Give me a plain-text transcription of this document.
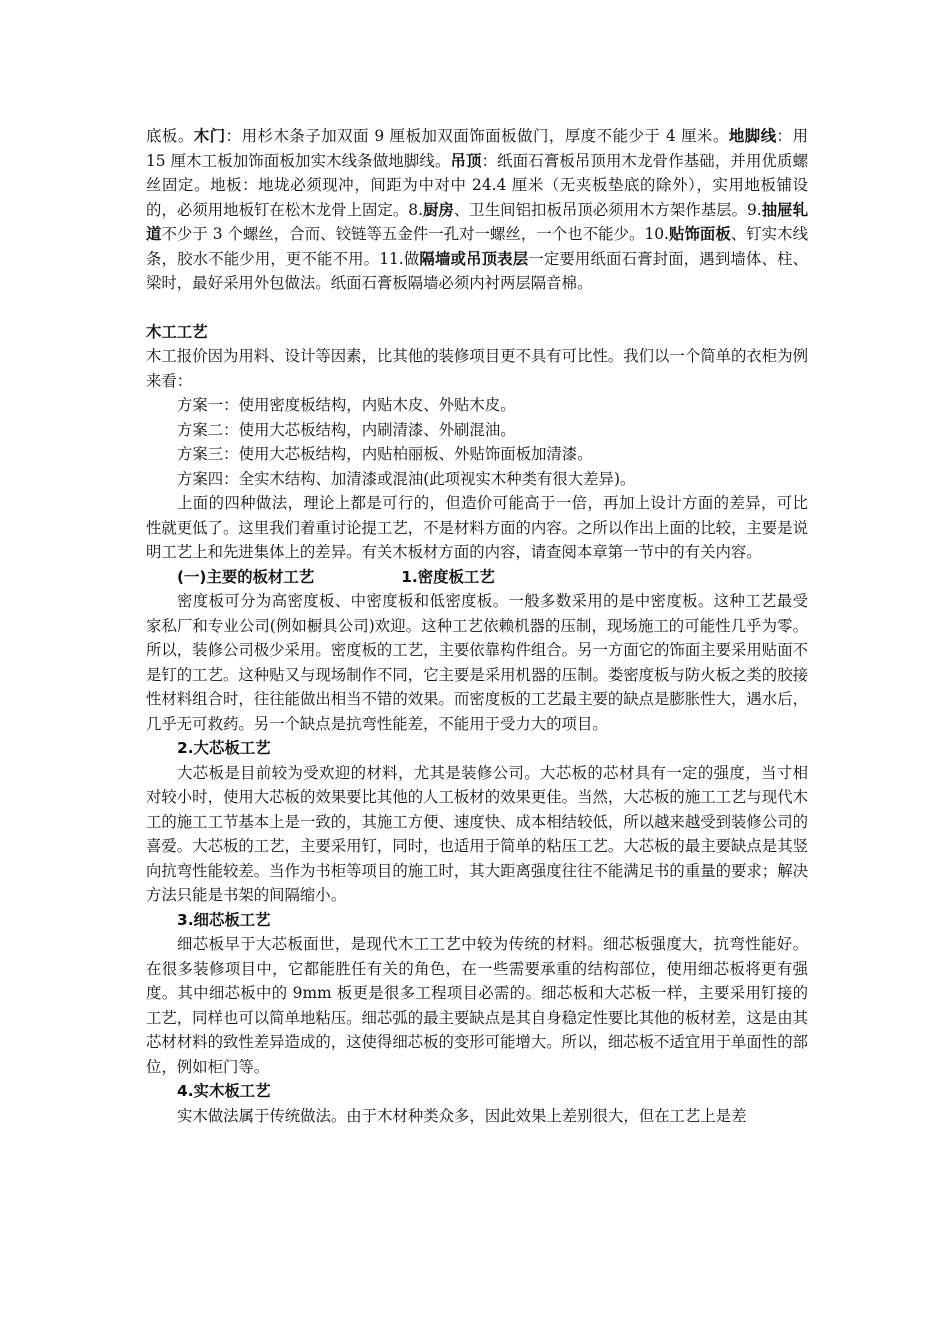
底板。木门：用杉木条子加双面 9 厘板加双面饰面板做门，厚度不能少于 4 厘米。地脚线：用 15 厘木工板加饰面板加实木线条做地脚线。吊顶：纸面石膏板吊顶用木龙骨作基础，并用优质螺丝固定。地板：地垅必须现冲，间距为中对中 24.4 厘米（无夹板垫底的除外），实用地板铺设的，必须用地板钉在松木龙骨上固定。8.厨房、卫生间铝扣板吊顶必须用木方架作基层。9.抽屉轧道不少于 3 个螺丝，合而、铰链等五金件一孔对一螺丝，一个也不能少。10.贴饰面板、钉实木线条，胶水不能少用，更不能不用。11.做隔墙或吊顶表层一定要用纸面石膏封面，遇到墙体、柱、梁时，最好采用外包做法。纸面石膏板隔墙必须内衬两层隔音棉。

木工工艺

木工报价因为用料、设计等因素，比其他的装修项目更不具有可比性。我们以一个简单的衣柜为例来看：

方案一：使用密度板结构，内贴木皮、外贴木皮。

方案二：使用大芯板结构，内刷清漆、外刷混油。

方案三：使用大芯板结构，内贴柏丽板、外贴饰面板加清漆。

方案四：全实木结构、加清漆或混油(此项视实木种类有很大差异)。

上面的四种做法，理论上都是可行的，但造价可能高于一倍，再加上设计方面的差异，可比性就更低了。这里我们着重讨论提工艺，不是材料方面的内容。之所以作出上面的比较，主要是说明工艺上和先进集体上的差异。有关木板材方面的内容，请查阅本章第一节中的有关内容。

(一)主要的板材工艺	1.密度板工艺

密度板可分为高密度板、中密度板和低密度板。一般多数采用的是中密度板。这种工艺最受家私厂和专业公司(例如橱具公司)欢迎。这种工艺依赖机器的压制，现场施工的可能性几乎为零。所以，装修公司极少采用。密度板的工艺，主要依靠构件组合。另一方面它的饰面主要采用贴面不是钉的工艺。这种贴又与现场制作不同，它主要是采用机器的压制。娄密度板与防火板之类的胶接性材料组合时，往往能做出相当不错的效果。而密度板的工艺最主要的缺点是膨胀性大，遇水后，几乎无可救药。另一个缺点是抗弯性能差，不能用于受力大的项目。

2.大芯板工艺

大芯板是目前较为受欢迎的材料，尤其是装修公司。大芯板的芯材具有一定的强度，当寸相对较小时，使用大芯板的效果要比其他的人工板材的效果更佳。当然，大芯板的施工工艺与现代木工的施工工节基本上是一致的，其施工方便、速度快、成本相结较低，所以越来越受到装修公司的喜爱。大芯板的工艺，主要采用钉，同时，也适用于简单的粘压工艺。大芯板的最主要缺点是其竖向抗弯性能较差。当作为书柜等项目的施工时，其大距离强度往往不能满足书的重量的要求；解决方法只能是书架的间隔缩小。

3.细芯板工艺

细芯板早于大芯板面世，是现代木工工艺中较为传统的材料。细芯板强度大，抗弯性能好。在很多装修项目中，它都能胜任有关的角色，在一些需要承重的结构部位，使用细芯板将更有强度。其中细芯板中的 9mm 板更是很多工程项目必需的。细芯板和大芯板一样，主要采用钉接的工艺，同样也可以简单地粘压。细芯弧的最主要缺点是其自身稳定性要比其他的板材差，这是由其芯材材料的致性差异造成的，这使得细芯板的变形可能增大。所以，细芯板不适宜用于单面性的部位，例如柜门等。

4.实木板工艺

实木做法属于传统做法。由于木材种类众多，因此效果上差别很大，但在工艺上是差
